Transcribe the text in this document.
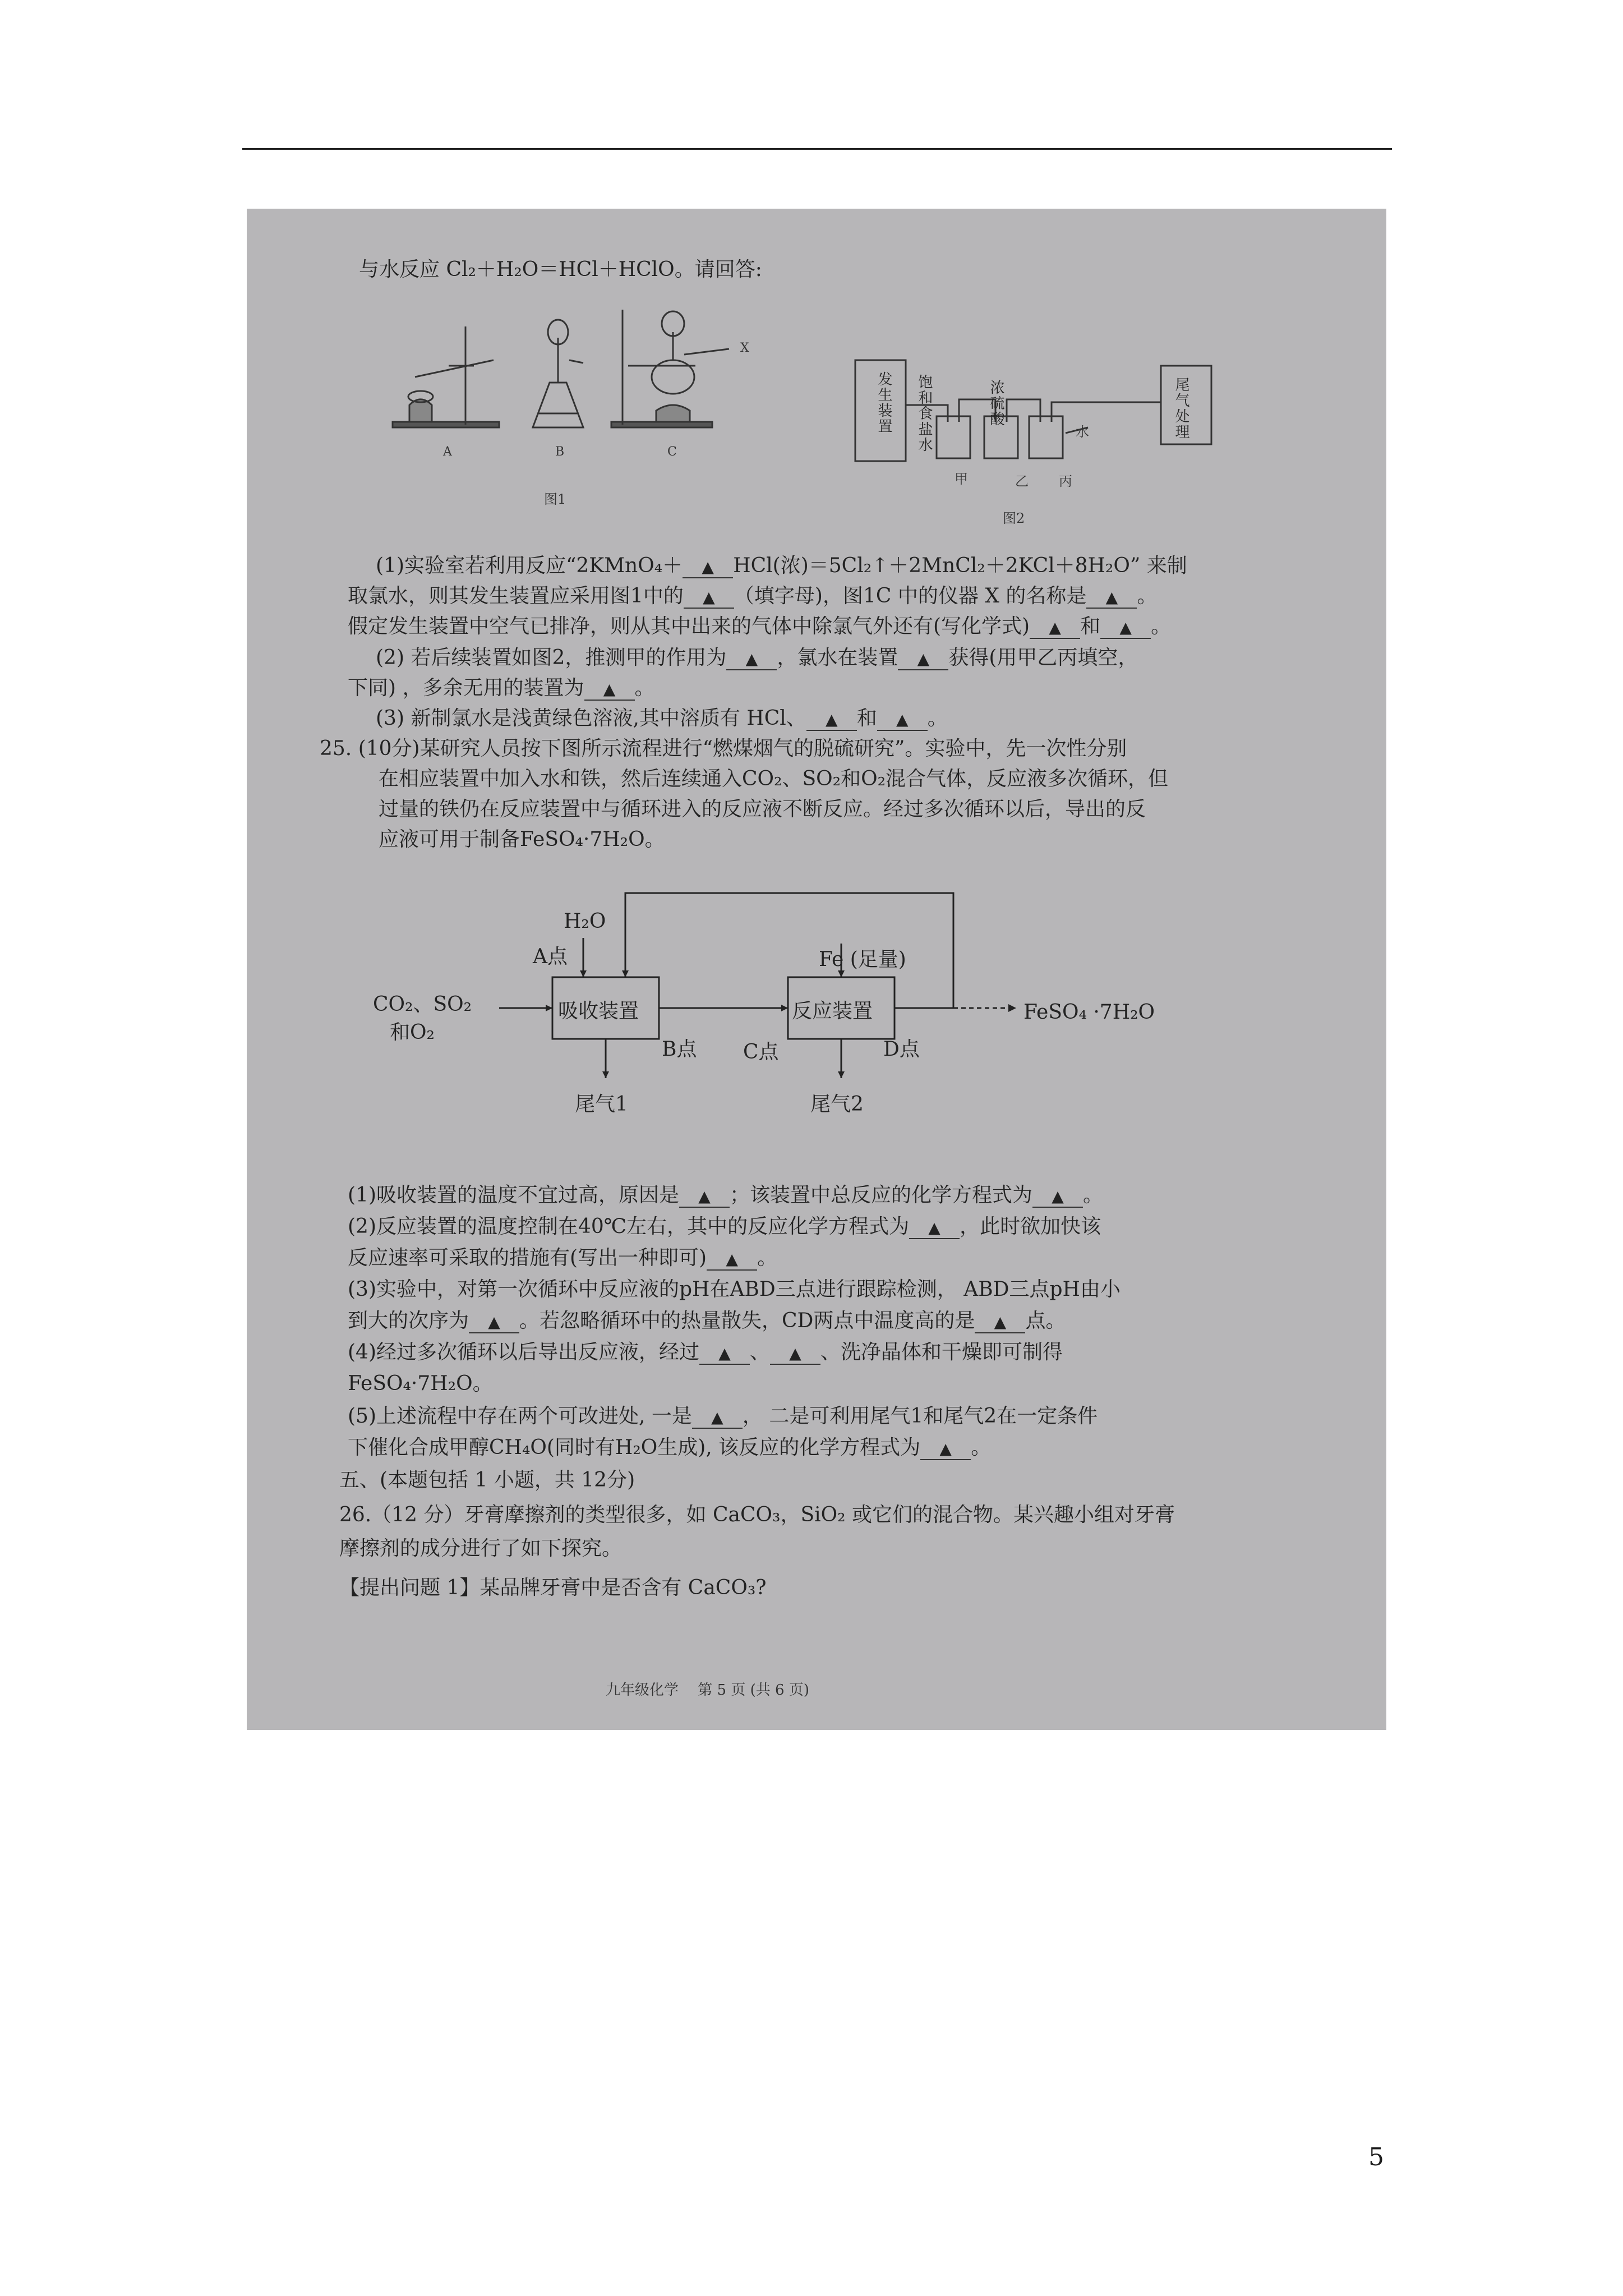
与水反应 Cl₂＋H₂O＝HCl＋HClO。请回答:
X
A	B	C
图1
发生装置 饱和食盐水	浓硫酸
水	尾气处理
甲	乙 丙
图2
(1)实验室若利用反应“2KMnO₄＋ ▲ HCl(浓)＝5Cl₂↑＋2MnCl₂＋2KCl＋8H₂O” 来制
取氯水，则其发生装置应采用图1中的 ▲ （填字母)，图1C 中的仪器 X 的名称是 ▲ 。
假定发生装置中空气已排净，则从其中出来的气体中除氯气外还有(写化学式) ▲ 和 ▲ 。
(2) 若后续装置如图2，推测甲的作用为 ▲ ，氯水在装置 ▲ 获得(用甲乙丙填空，
下同) ，多余无用的装置为 ▲ 。
(3) 新制氯水是浅黄绿色溶液,其中溶质有 HCl、 ▲ 和 ▲ 。
25. (10分)某研究人员按下图所示流程进行“燃煤烟气的脱硫研究”。实验中，先一次性分别
在相应装置中加入水和铁，然后连续通入CO₂、SO₂和O₂混合气体，反应液多次循环，但
过量的铁仍在反应装置中与循环进入的反应液不断反应。经过多次循环以后，导出的反
应液可用于制备FeSO₄·7H₂O。
H₂O
A点	Fe (足量)
CO₂、SO₂
和O₂
吸收装置
B点 C点
反应装置
D点
FeSO₄ ·7H₂O
尾气1	尾气2
(1)吸收装置的温度不宜过高，原因是 ▲ ；该装置中总反应的化学方程式为 ▲ 。
(2)反应装置的温度控制在40℃左右，其中的反应化学方程式为 ▲ ，此时欲加快该
反应速率可采取的措施有(写出一种即可) ▲ 。
(3)实验中，对第一次循环中反应液的pH在ABD三点进行跟踪检测， ABD三点pH由小
到大的次序为 ▲ 。若忽略循环中的热量散失，CD两点中温度高的是 ▲ 点。
(4)经过多次循环以后导出反应液，经过 ▲ 、 ▲ 、洗净晶体和干燥即可制得
FeSO₄·7H₂O。
(5)上述流程中存在两个可改进处, 一是 ▲ ， 二是可利用尾气1和尾气2在一定条件
下催化合成甲醇CH₄O(同时有H₂O生成), 该反应的化学方程式为 ▲ 。
五、(本题包括 1 小题，共 12分)
26.（12 分）牙膏摩擦剂的类型很多，如 CaCO₃，SiO₂ 或它们的混合物。某兴趣小组对牙膏
摩擦剂的成分进行了如下探究。
【提出问题 1】某品牌牙膏中是否含有 CaCO₃?
九年级化学　 第 5 页 (共 6 页)
5
